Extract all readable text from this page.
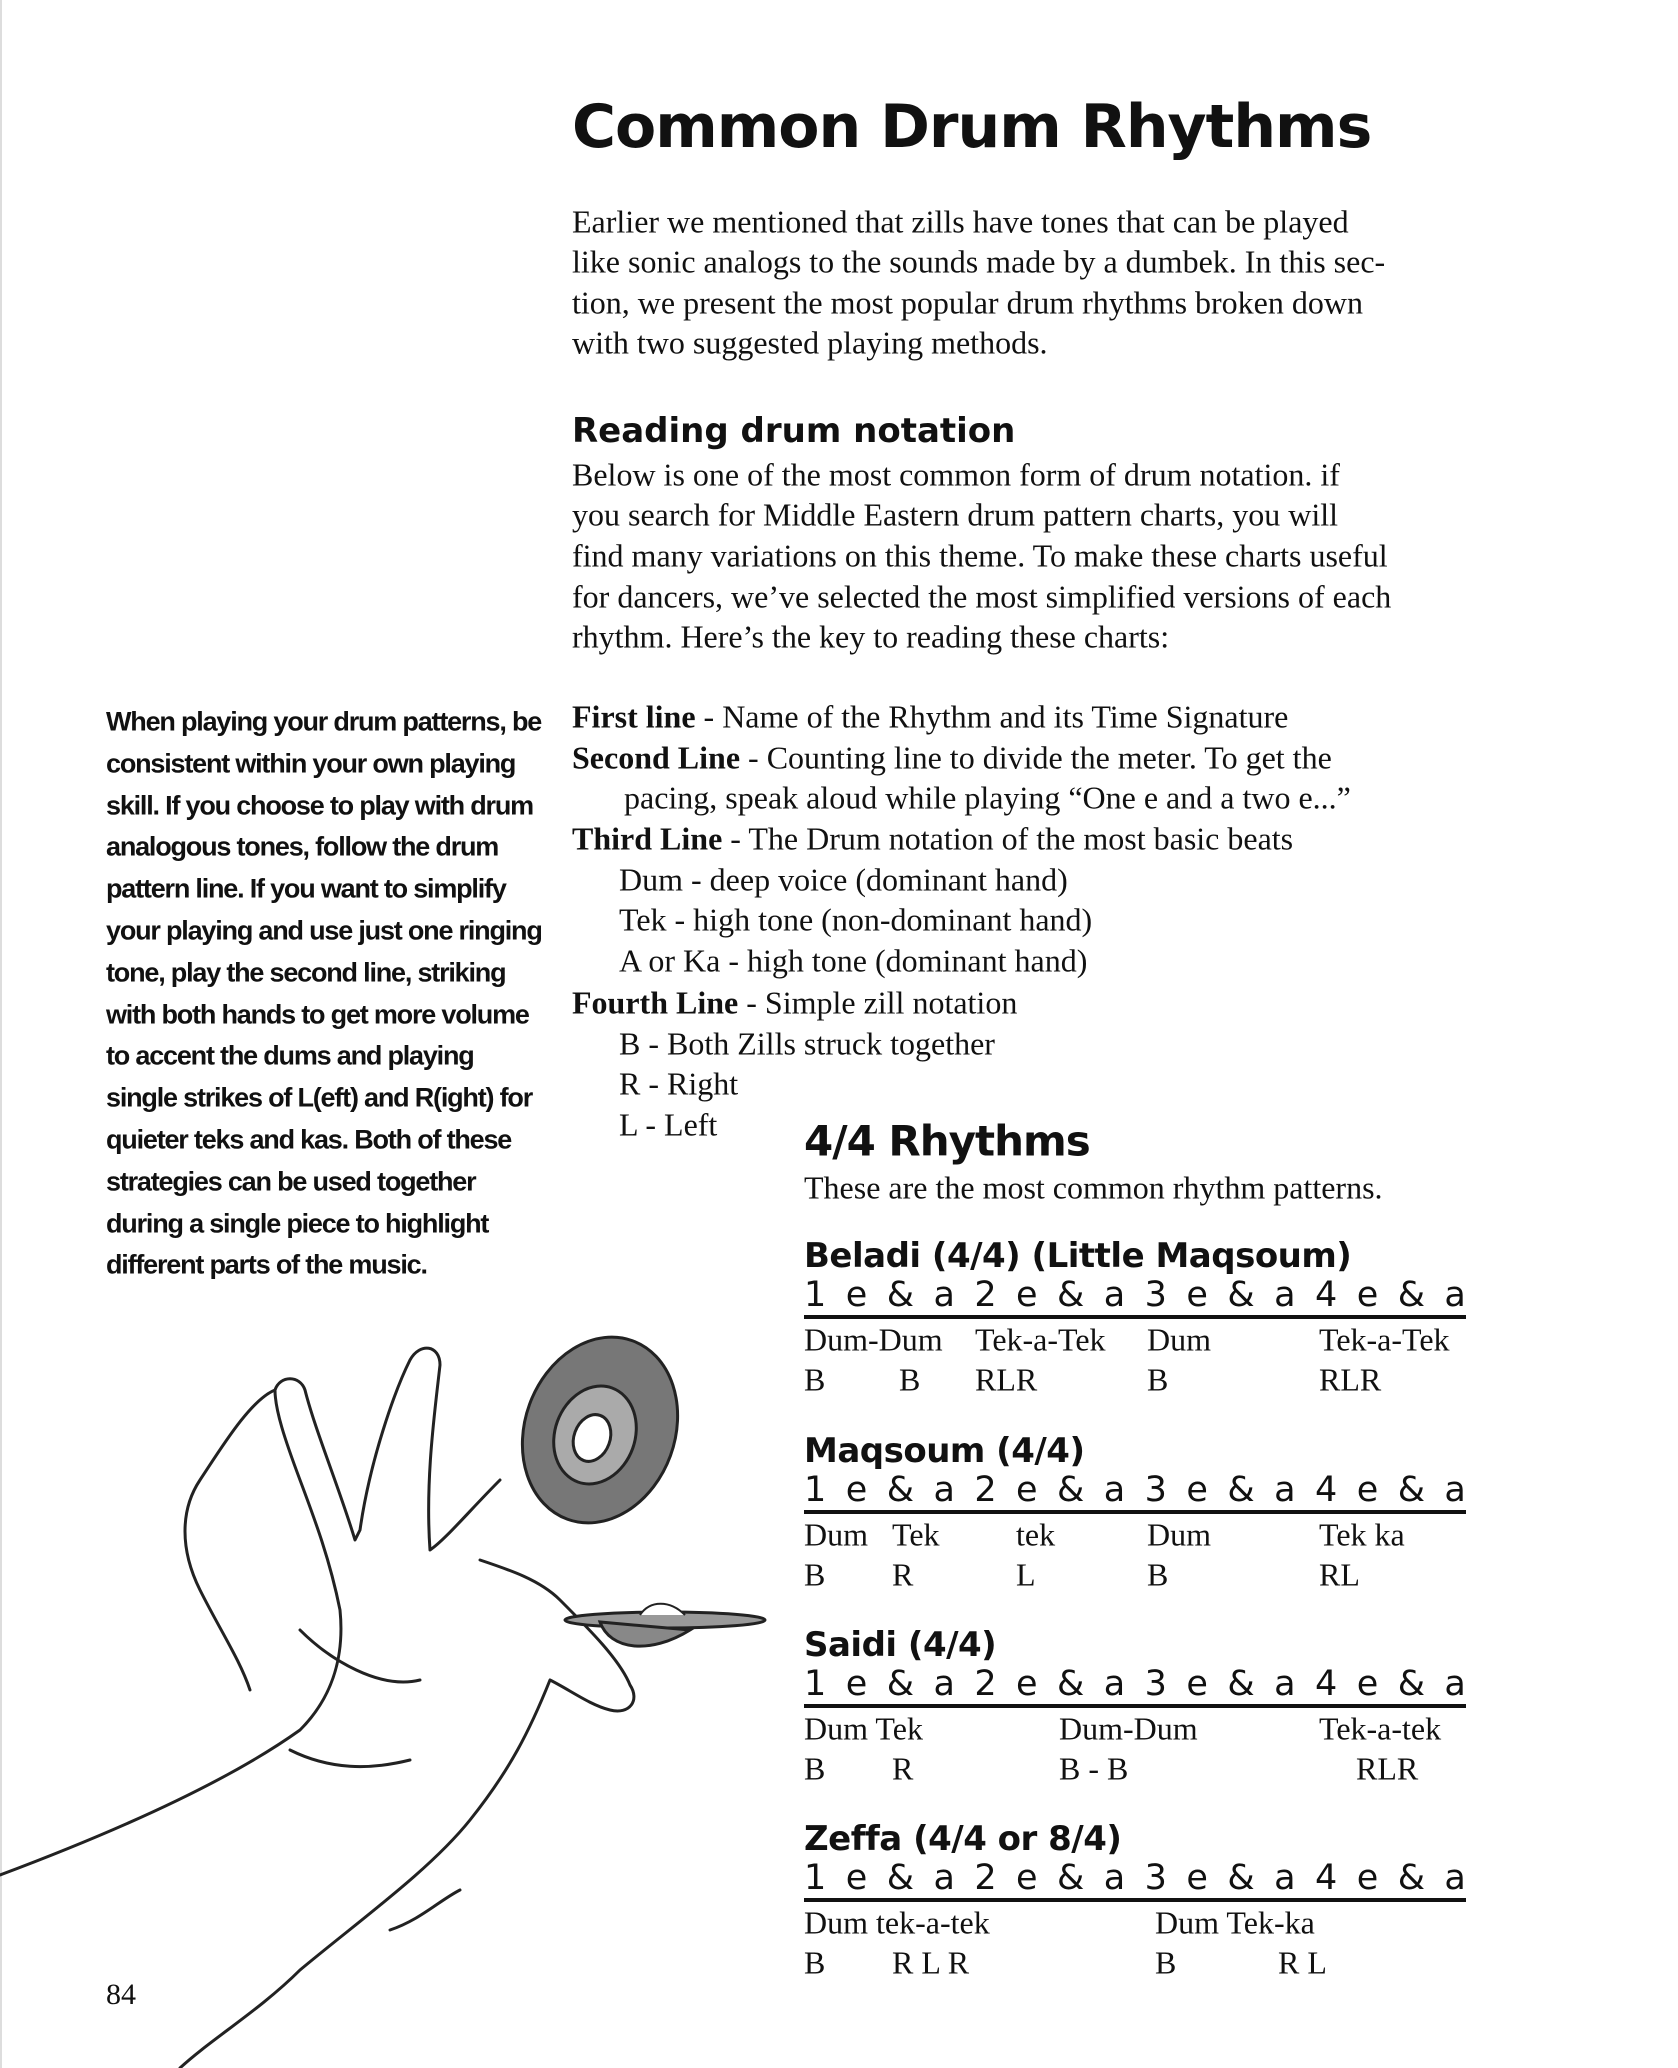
Common Drum Rhythms
Earlier we mentioned that zills have tones that can be played
like sonic analogs to the sounds made by a dumbek. In this sec-
tion, we present the most popular drum rhythms broken down
with two suggested playing methods.
Reading drum notation
Below is one of the most common form of drum notation. if
you search for Middle Eastern drum pattern charts, you will
find many variations on this theme. To make these charts useful
for dancers, we’ve selected the most simplified versions of each
rhythm. Here’s the key to reading these charts:
First line - Name of the Rhythm and its Time Signature
Second Line - Counting line to divide the meter. To get the
pacing, speak aloud while playing “One e and a two e...”
Third Line - The Drum notation of the most basic beats
Dum - deep voice (dominant hand)
Tek - high tone (non-dominant hand)
A or Ka - high tone (dominant hand)
Fourth Line - Simple zill notation
B - Both Zills struck together
R - Right
L - Left
When playing your drum patterns, be
consistent within your own playing
skill. If you choose to play with drum
analogous tones, follow the drum
pattern line. If you want to simplify
your playing and use just one ringing
tone, play the second line, striking
with both hands to get more volume
to accent the dums and playing
single strikes of L(eft) and R(ight) for
quieter teks and kas. Both of these
strategies can be used together
during a single piece to highlight
different parts of the music.
84
4/4 Rhythms
These are the most common rhythm patterns.
Beladi (4/4) (Little Maqsoum)
1 e & a 2 e & a 3 e & a 4 e & a
Dum-Dum Tek-a-Tek Dum	Tek-a-Tek
B B RLR	B	RLR
Maqsoum (4/4)
1 e & a 2 e & a 3 e & a 4 e & a
Dum Tek tek	Dum	Tek ka
B R	L	B	RL
Saidi (4/4)
1 e & a 2 e & a 3 e & a 4 e & a
Dum Tek	Dum-Dum	Tek-a-tek
B R	B - B	RLR
Zeffa (4/4 or 8/4)
1 e & a 2 e & a 3 e & a 4 e & a
Dum tek-a-tek	Dum Tek-ka
B R L R	B	R L
